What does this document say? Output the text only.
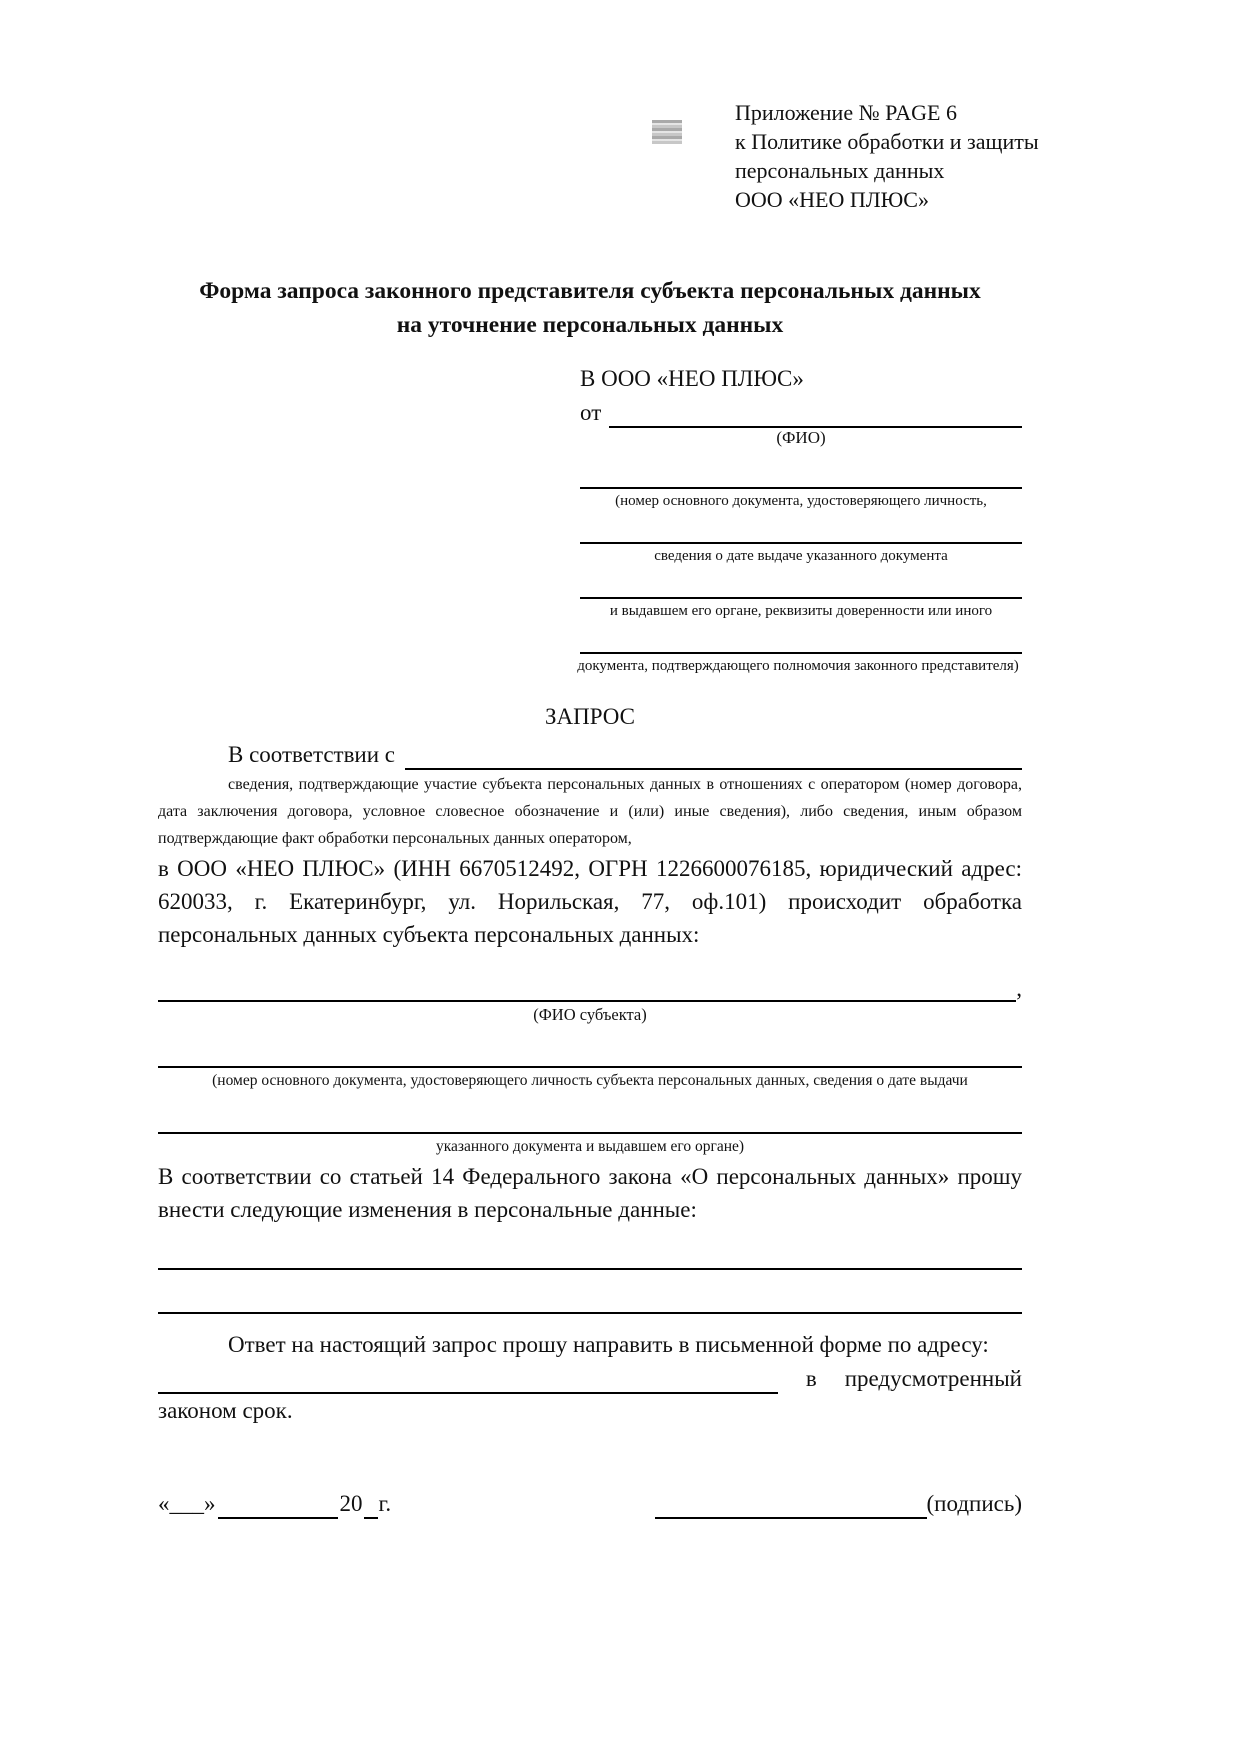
Приложение № PAGE 6
к Политике обработки и защиты
персональных данных
ООО «НЕО ПЛЮС»
Форма запроса законного представителя субъекта персональных данных
на уточнение персональных данных
В ООО «НЕО ПЛЮС»
от
(ФИО)
(номер основного документа, удостоверяющего личность,
сведения о дате выдаче указанного документа
и выдавшем его органе, реквизиты доверенности или иного
документа, подтверждающего полномочия законного представителя)
ЗАПРОС
В соответствии с
сведения, подтверждающие участие субъекта персональных данных в отношениях с оператором (номер договора, дата заключения договора, условное словесное обозначение и (или) иные сведения), либо сведения, иным образом подтверждающие факт обработки персональных данных оператором,
в ООО «НЕО ПЛЮС» (ИНН 6670512492, ОГРН 1226600076185, юридический адрес: 620033, г. Екатеринбург, ул. Норильская, 77, оф.101) происходит обработка персональных данных субъекта персональных данных:
,
(ФИО субъекта)
(номер основного документа, удостоверяющего личность субъекта персональных данных, сведения о дате выдачи
указанного документа и выдавшем его органе)
В соответствии со статьей 14 Федерального закона «О персональных данных» прошу внести следующие изменения в персональные данные:
Ответ на настоящий запрос прошу направить в письменной форме по адресу:
в предусмотренный
законом срок.
«___»	20 г.	(подпись)
